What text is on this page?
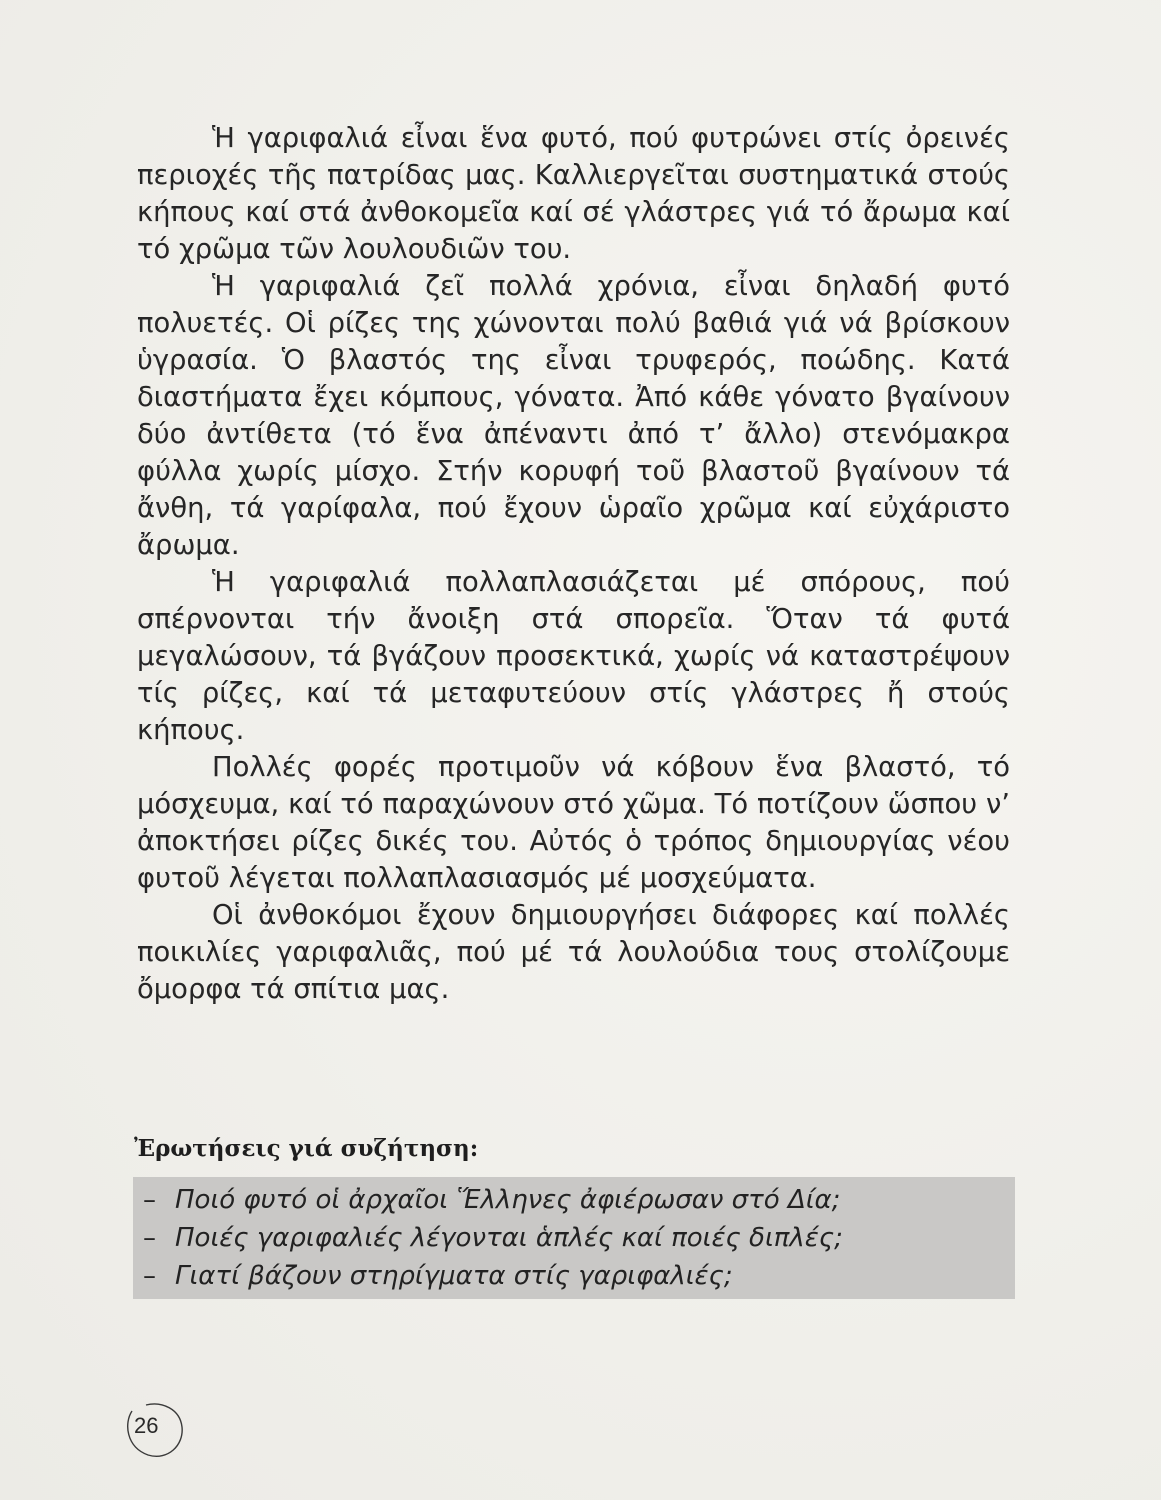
Ἡ γαριφαλιά εἶναι ἕνα φυτό, πού φυτρώνει στίς ὀρεινές περιοχές τῆς πατρίδας μας. Καλλιεργεῖται συστηματικά στούς κήπους καί στά ἀνθοκομεῖα καί σέ γλάστρες γιά τό ἄρωμα καί τό χρῶμα τῶν λουλουδιῶν του.

Ἡ γαριφαλιά ζεῖ πολλά χρόνια, εἶναι δηλαδή φυτό πολυετές. Οἱ ρίζες της χώνονται πολύ βαθιά γιά νά βρίσκουν ὑγρασία. Ὁ βλαστός της εἶναι τρυφερός, ποώδης. Κατά διαστήματα ἔχει κόμπους, γόνατα. Ἀπό κάθε γόνατο βγαίνουν δύο ἀντίθετα (τό ἕνα ἀπέναντι ἀπό τ’ ἄλλο) στενόμακρα φύλλα χωρίς μίσχο. Στήν κορυφή τοῦ βλαστοῦ βγαίνουν τά ἄνθη, τά γαρίφαλα, πού ἔχουν ὡραῖο χρῶμα καί εὐχάριστο ἄρωμα.

Ἡ γαριφαλιά πολλαπλασιάζεται μέ σπόρους, πού σπέρνονται τήν ἄνοιξη στά σπορεῖα. Ὅταν τά φυτά μεγαλώσουν, τά βγάζουν προσεκτικά, χωρίς νά καταστρέψουν τίς ρίζες, καί τά μεταφυτεύουν στίς γλάστρες ἤ στούς κήπους.

Πολλές φορές προτιμοῦν νά κόβουν ἕνα βλαστό, τό μόσχευμα, καί τό παραχώνουν στό χῶμα. Τό ποτίζουν ὥσπου ν’ ἀποκτήσει ρίζες δικές του. Αὐτός ὁ τρόπος δημιουργίας νέου φυτοῦ λέγεται πολλαπλασιασμός μέ μοσχεύματα.

Οἱ ἀνθοκόμοι ἔχουν δημιουργήσει διάφορες καί πολλές ποικιλίες γαριφαλιᾶς, πού μέ τά λουλούδια τους στολίζουμε ὄμορφα τά σπίτια μας.

Ἐρωτήσεις γιά συζήτηση:
– Ποιό φυτό οἱ ἀρχαῖοι Ἕλληνες ἀφιέρωσαν στό Δία;
– Ποιές γαριφαλιές λέγονται ἁπλές καί ποιές διπλές;
– Γιατί βάζουν στηρίγματα στίς γαριφαλιές;
26
